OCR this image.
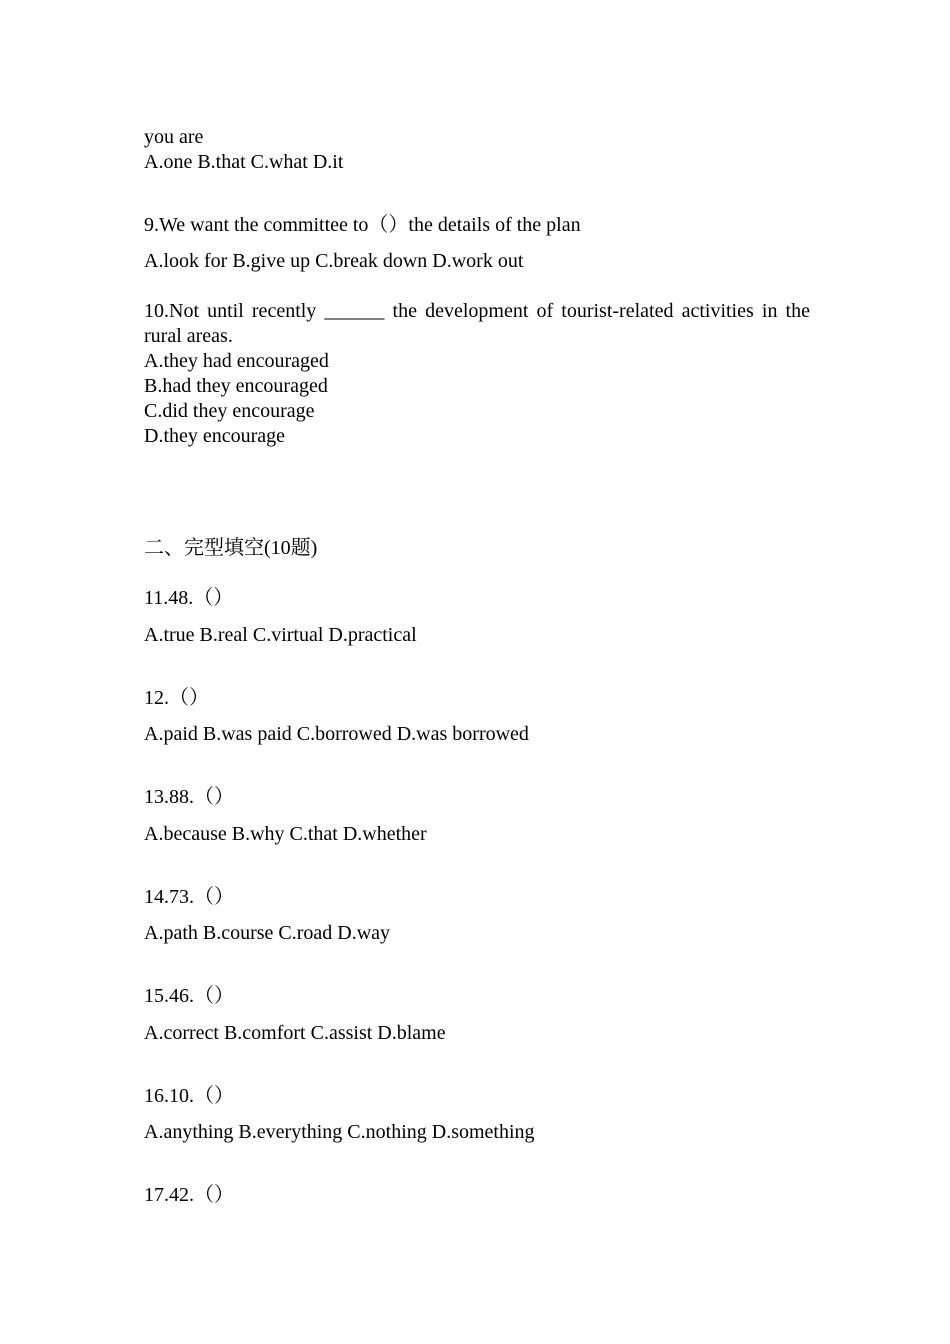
you are
A.one B.that C.what D.it
9.We want the committee to（）the details of the plan
A.look for B.give up C.break down D.work out
10.Not until recently ______ the development of tourist-related activities in the rural areas.
A.they had encouraged
B.had they encouraged
C.did they encourage
D.they encourage
二、完型填空(10题)
11.48.（）
A.true B.real C.virtual D.practical
12.（）
A.paid B.was paid C.borrowed D.was borrowed
13.88.（）
A.because B.why C.that D.whether
14.73.（）
A.path B.course C.road D.way
15.46.（）
A.correct B.comfort C.assist D.blame
16.10.（）
A.anything B.everything C.nothing D.something
17.42.（）
